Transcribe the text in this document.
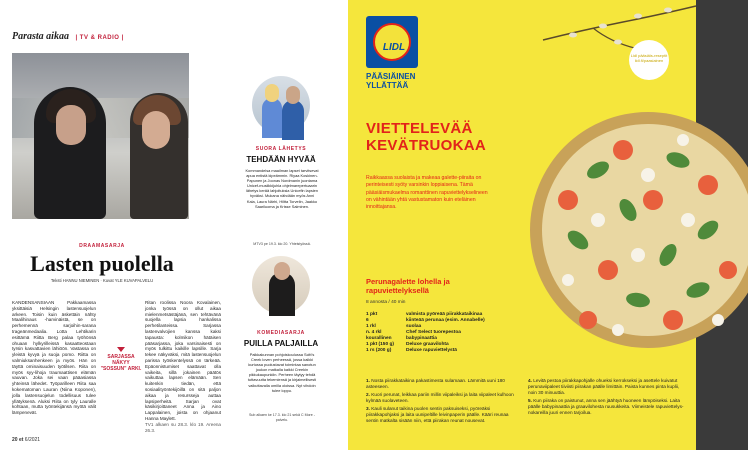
Parasta aikaa | TV & RADIO |
Lotta Lehtikari ja Niina Koponen esittävät työparia. DRAAMASARJA
Lasten puolella
Teksti HANNU NIEMINEN · Kuvat YLE KUVAPALVELU
KANDENSANSIAAN Pakkaamassa yksittäisiä Helsingin lastensuojelun arkeen. Toisin kuin äskettäin nähty Maalihinaus -harvinäistä, se on perhemennä sarjoihin-sarana trageänmedaalia. Lotta Lehtikarin esittämä Riitta Berg palaa työhönsä ohuaan hylkyrilleissä kasaatteostaan tyrsin kasvattavien lähiöön. Vastassa on yleistä kyvyä ja suoja pomo. Riitta on valmiuksanhenkeen ja myös. Hän on täyttä ominaisuuden työtilsen. Riita on myös syy-lihoja traumaattisen elämän vauvan. Joka sei vaan pääasiassa yhteinsä lähedet. Työparilleen Riita saa kokematoman Lauran (Niina Koponen), jolla lastensuojelun todellisuus tulee yllätyksenä. Aluksi Riita on tyly Lauralle kohtaan, mutta työntekijänsä myötä välit lämpenevät.
SARJASSA NÄKYY "SOSSUN" ARKI.
Ritan roolissa Noora Kovalainen, jonka työssä on ollut aikaa mielenmetsästäjänä, sen tehtävänä suojella lapsia hankalissa perhetilanteissa. Sarjassa lastenvalvojien kanssa kaksi tapausta: kolmikon hätäisen pääsarjassa, joka varsinaisesti on myös tulkittu kaikille lapsille. Sarja tekee näkyväksi, mitä lastensuojelun parissa työskentelyssä on tärkeää. Epäonnistumiset saattavat olla vaikeita, sillä jokainen päätös vaikuttaa lapsen elämään. Sen kuitenkin tiedän, että sosiaalityöntekijöillä on sitä paljon aikaa ja resursseja auttaa lapsiperheitä. Sarjan ovat käsikirjoittaneet Anna ja Aino Lappalainen, joista on ohjaanut Hanna Maylett.
TV1 alkaen su 28.3. klo 19. Areena 26.3.
SUORA LÄHETYS
TEHDÄÄN HYVÄÄ
Kommandelsa maailman lapset tarvitsevat apua entistä kipeämmin. Riyaa Koskinen-Papunen ja Joonas Nordmanin juontama Unicef-musiikkijuhla ohjelmarepertuaarin lähetys kerää lahjoituksia Unicefin lapsien hyväksi. Mukana nähdään myös Anni Kala, Laura Närhi, Hiltta Torvelin, Jaakko Saariluoma ja Krisse Salminen.
MTV3 pe 19.3. klo 20. Yhteistyössä.
KOMEDIASARJA
PUILLA PALJAILLA
Paikkakunnan pohjoiskoulussa Scitt's Creek loven perheessä, jossa kaikki kurtussa puolustavat toimintaa sanotun joukon matkalla kaikki Creekin pikkukaupunkiin. Perheen täytyy tehdä tuttavuutta tekemiensä ja kirjaimellisesti vaikuttavalla omilla oloissa. Nyt vihdoin tulee loppu.
Sub alkaen ke 17.3. klo 21 sekä C More -palvelu.
20 et 6/2021
Lidl pääsiäis-reseptit lidl.fi/paasiainen
LIDL
PÄÄSIÄINEN
YLLÄTTÄÄ
VIETTELEVÄÄ
KEVÄTRUOKAA
Raikkaassa suolaista ja makeaa galette-piiraita on perinteisesti syöty varsinkin loppiaisena. Tämä pääsiäismukaelma romanttinen rapuviettelykselineen on vähintään yhtä vastustamaton kuin eteläinen innoittajansa.
Perunagalette lohella ja rapuviettelyksellä
8 annosta / 40 min
1 pkt	valmista pyöreää piirakkataikinaa
6	kiinteää perunaa (esim. Annabelle)
1 rkl	suolaa
n. 4 rkl	Chef Select tuorepestoa
kourallinen	babypinaattia
1 pkt (150 g)	Deluxe graavilohta
1 rs (200 g)	Deluxe rapuviettelystä

1. Nosta piirakkataikina pakastimesta sulamaan. Lämmitä uuni 180 asteeseen.

2. Kuori perunat, leikkaa pariin millin viipaleiksi ja laita viipaleet kulhoon kylmää suolaveteen.

3. Kauli sulanut taikina puolen sentin paksuiseksi, pyöreäksi piirakkapohjaksi ja laita uunipeltille leivinpaperin päälle. Kääri reunaa sentin matkalta sisään niin, että piirakan reunat nousevat.

4. Levitä pestoa piirakkapohjalle ohueksi kerrokseksi ja asettele kuivatut perunaviipaleet tiiviisti piirakan päälle limittäin. Paista kunnes pinta kuplii, noin 30 minuuttia.

5. Kun piiraka on paistunut, anna sen jäähtyä huoneen lämpöiseksi. Laita päälle babypinaattia ja graavilohesta ruusukkeita. Viimeistele rapuviettelys-nokareilla juuri ennen tarjoilua.
